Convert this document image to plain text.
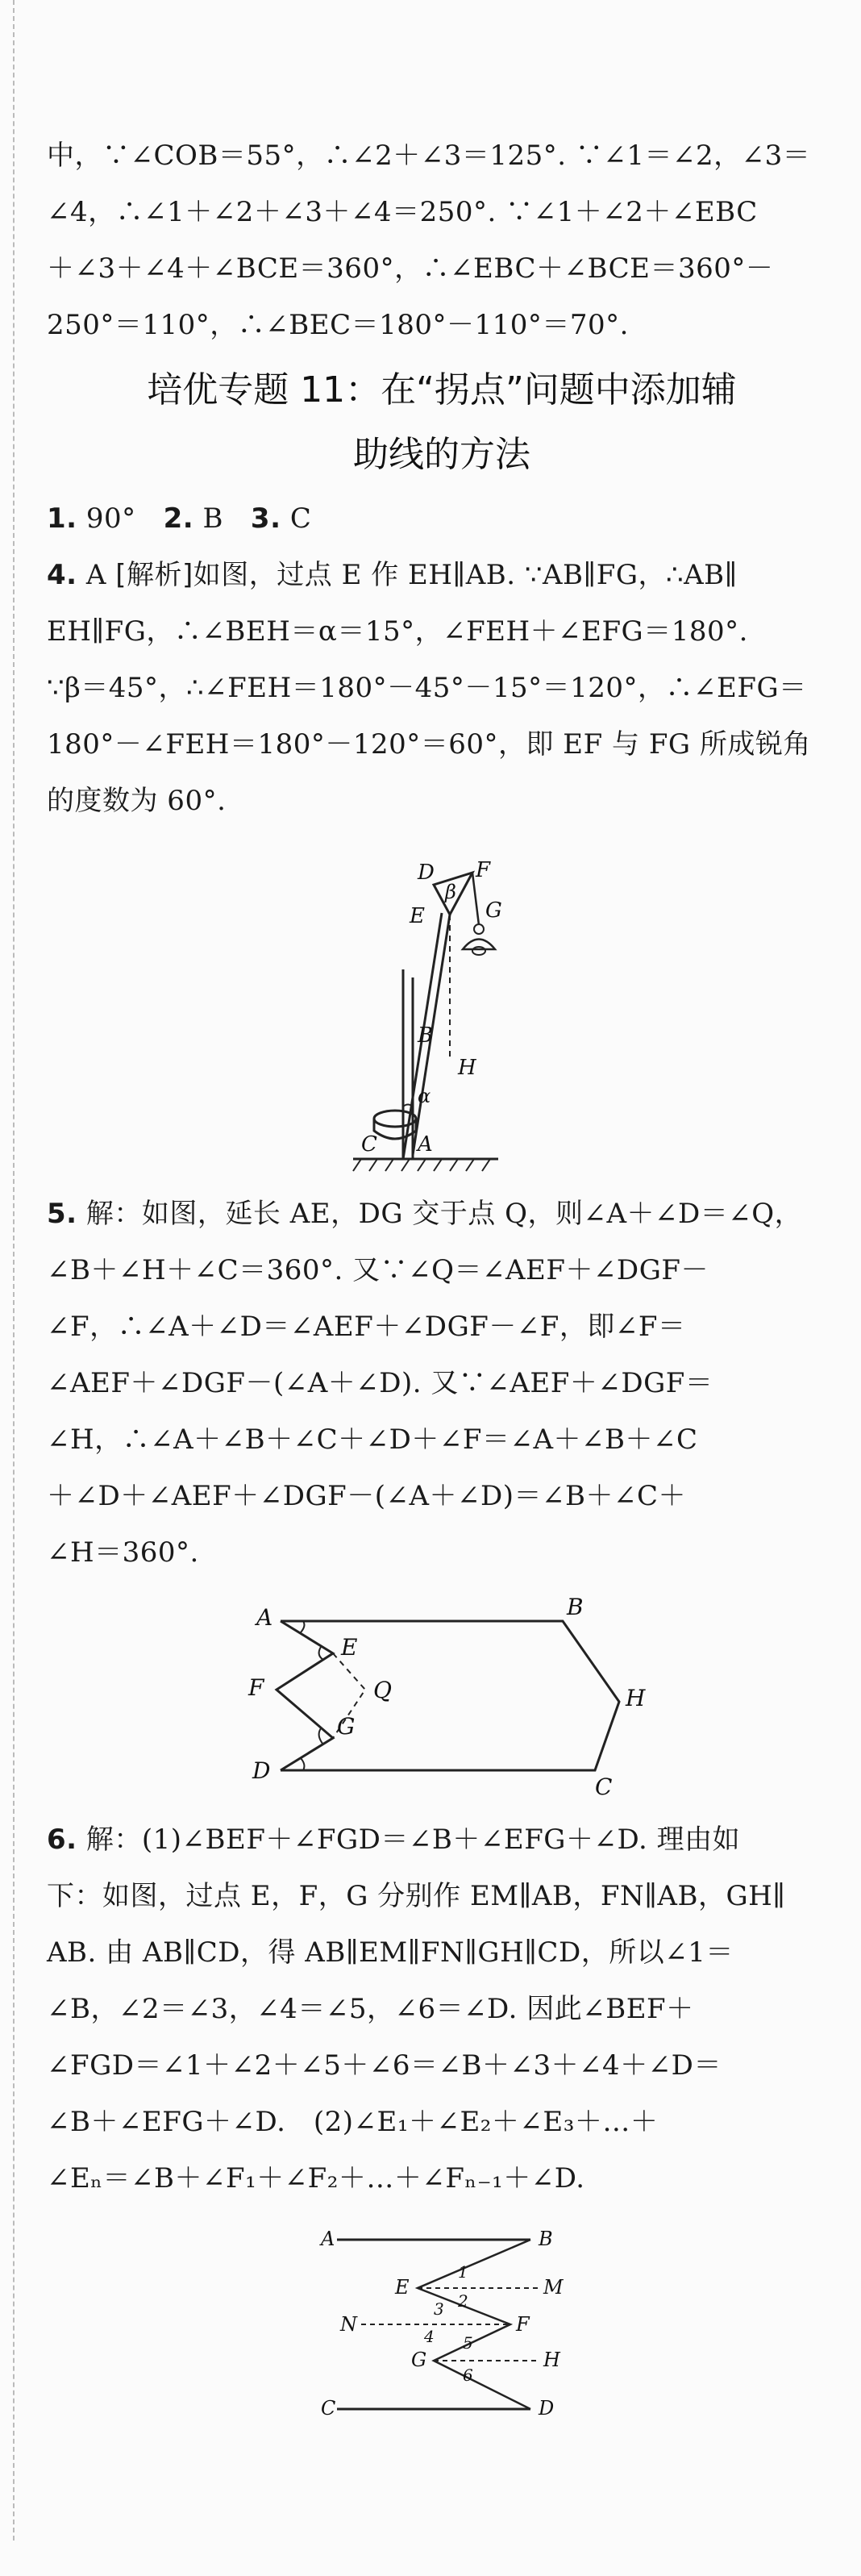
中，∵∠COB＝55°，∴∠2＋∠3＝125°. ∵∠1＝∠2，∠3＝

∠4，∴∠1＋∠2＋∠3＋∠4＝250°. ∵∠1＋∠2＋∠EBC

＋∠3＋∠4＋∠BCE＝360°，∴∠EBC＋∠BCE＝360°－

250°＝110°，∴∠BEC＝180°－110°＝70°.

培优专题 11：在“拐点”问题中添加辅

助线的方法

1. 90° 2. B 3. C

4. A [解析]如图，过点 E 作 EH∥AB. ∵AB∥FG，∴AB∥

EH∥FG，∴∠BEH＝α＝15°，∠FEH＋∠EFG＝180°.

∵β＝45°，∴∠FEH＝180°－45°－15°＝120°，∴∠EFG＝

180°－∠FEH＝180°－120°＝60°，即 EF 与 FG 所成锐角

的度数为 60°.

D F
β
E	G
B
H
α
C A

5. 解：如图，延长 AE，DG 交于点 Q，则∠A＋∠D＝∠Q，

∠B＋∠H＋∠C＝360°. 又∵∠Q＝∠AEF＋∠DGF－

∠F，∴∠A＋∠D＝∠AEF＋∠DGF－∠F，即∠F＝

∠AEF＋∠DGF－(∠A＋∠D). 又∵∠AEF＋∠DGF＝

∠H，∴∠A＋∠B＋∠C＋∠D＋∠F＝∠A＋∠B＋∠C

＋∠D＋∠AEF＋∠DGF－(∠A＋∠D)＝∠B＋∠C＋

∠H＝360°.

A	B
E
F	Q	H
G
D
C

6. 解：(1)∠BEF＋∠FGD＝∠B＋∠EFG＋∠D. 理由如

下：如图，过点 E，F，G 分别作 EM∥AB，FN∥AB，GH∥

AB. 由 AB∥CD，得 AB∥EM∥FN∥GH∥CD，所以∠1＝

∠B，∠2＝∠3，∠4＝∠5，∠6＝∠D. 因此∠BEF＋

∠FGD＝∠1＋∠2＋∠5＋∠6＝∠B＋∠3＋∠4＋∠D＝

∠B＋∠EFG＋∠D.　(2)∠E₁＋∠E₂＋∠E₃＋…＋

∠Eₙ＝∠B＋∠F₁＋∠F₂＋…＋∠Fₙ₋₁＋∠D.

A	B
E	M
N	F
G	H
C	D
1
2
3
4 5
6
